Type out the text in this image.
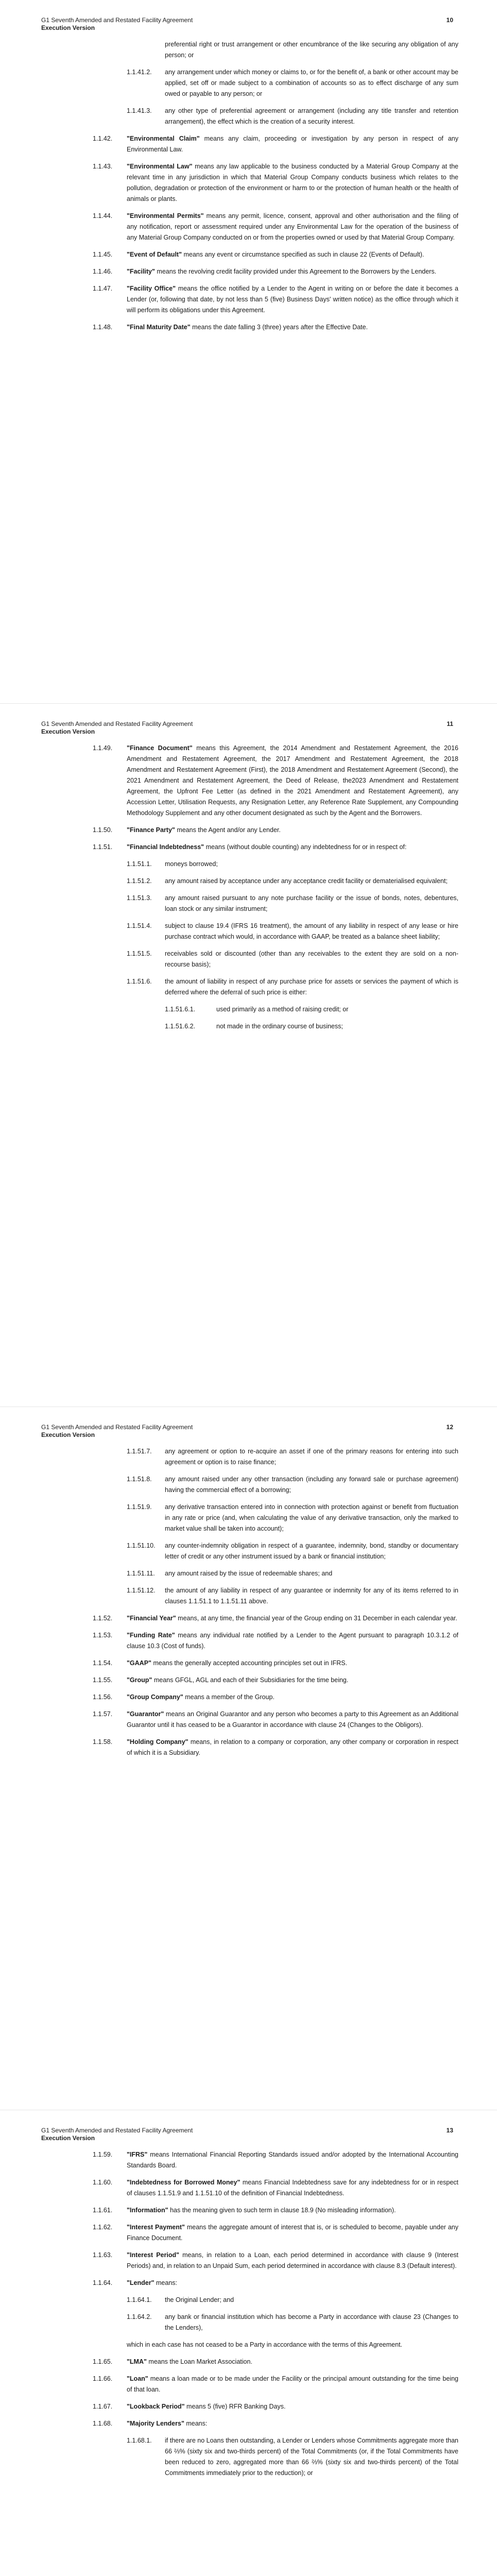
G1 Seventh Amended and Restated Facility Agreement
Execution Version
10
preferential right or trust arrangement or other encumbrance of the like securing any obligation of any person; or
1.1.41.2. any arrangement under which money or claims to, or for the benefit of, a bank or other account may be applied, set off or made subject to a combination of accounts so as to effect discharge of any sum owed or payable to any person; or
1.1.41.3. any other type of preferential agreement or arrangement (including any title transfer and retention arrangement), the effect which is the creation of a security interest.
1.1.42. "Environmental Claim" means any claim, proceeding or investigation by any person in respect of any Environmental Law.
1.1.43. "Environmental Law" means any law applicable to the business conducted by a Material Group Company at the relevant time in any jurisdiction in which that Material Group Company conducts business which relates to the pollution, degradation or protection of the environment or harm to or the protection of human health or the health of animals or plants.
1.1.44. "Environmental Permits" means any permit, licence, consent, approval and other authorisation and the filing of any notification, report or assessment required under any Environmental Law for the operation of the business of any Material Group Company conducted on or from the properties owned or used by that Material Group Company.
1.1.45. "Event of Default" means any event or circumstance specified as such in clause 22 (Events of Default).
1.1.46. "Facility" means the revolving credit facility provided under this Agreement to the Borrowers by the Lenders.
1.1.47. "Facility Office" means the office notified by a Lender to the Agent in writing on or before the date it becomes a Lender (or, following that date, by not less than 5 (five) Business Days' written notice) as the office through which it will perform its obligations under this Agreement.
1.1.48. "Final Maturity Date" means the date falling 3 (three) years after the Effective Date.
G1 Seventh Amended and Restated Facility Agreement
Execution Version
11
1.1.49. "Finance Document" means this Agreement, the 2014 Amendment and Restatement Agreement, the 2016 Amendment and Restatement Agreement, the 2017 Amendment and Restatement Agreement, the 2018 Amendment and Restatement Agreement (First), the 2018 Amendment and Restatement Agreement (Second), the 2021 Amendment and Restatement Agreement, the Deed of Release, the2023 Amendment and Restatement Agreement, the Upfront Fee Letter (as defined in the 2021 Amendment and Restatement Agreement), any Accession Letter, Utilisation Requests, any Resignation Letter, any Reference Rate Supplement, any Compounding Methodology Supplement and any other document designated as such by the Agent and the Borrowers.
1.1.50. "Finance Party" means the Agent and/or any Lender.
1.1.51. "Financial Indebtedness" means (without double counting) any indebtedness for or in respect of:
1.1.51.1. moneys borrowed;
1.1.51.2. any amount raised by acceptance under any acceptance credit facility or dematerialised equivalent;
1.1.51.3. any amount raised pursuant to any note purchase facility or the issue of bonds, notes, debentures, loan stock or any similar instrument;
1.1.51.4. subject to clause 19.4 (IFRS 16 treatment), the amount of any liability in respect of any lease or hire purchase contract which would, in accordance with GAAP, be treated as a balance sheet liability;
1.1.51.5. receivables sold or discounted (other than any receivables to the extent they are sold on a non-recourse basis);
1.1.51.6. the amount of liability in respect of any purchase price for assets or services the payment of which is deferred where the deferral of such price is either:
1.1.51.6.1.	used primarily as a method of raising credit; or
1.1.51.6.2.	not made in the ordinary course of business;
G1 Seventh Amended and Restated Facility Agreement
Execution Version
12
1.1.51.7. any agreement or option to re-acquire an asset if one of the primary reasons for entering into such agreement or option is to raise finance;
1.1.51.8. any amount raised under any other transaction (including any forward sale or purchase agreement) having the commercial effect of a borrowing;
1.1.51.9. any derivative transaction entered into in connection with protection against or benefit from fluctuation in any rate or price (and, when calculating the value of any derivative transaction, only the marked to market value shall be taken into account);
1.1.51.10. any counter-indemnity obligation in respect of a guarantee, indemnity, bond, standby or documentary letter of credit or any other instrument issued by a bank or financial institution;
1.1.51.11. any amount raised by the issue of redeemable shares; and
1.1.51.12. the amount of any liability in respect of any guarantee or indemnity for any of its items referred to in clauses 1.1.51.1 to 1.1.51.11 above.
1.1.52. "Financial Year" means, at any time, the financial year of the Group ending on 31 December in each calendar year.
1.1.53. "Funding Rate" means any individual rate notified by a Lender to the Agent pursuant to paragraph 10.3.1.2 of clause 10.3 (Cost of funds).
1.1.54. "GAAP" means the generally accepted accounting principles set out in IFRS.
1.1.55. "Group" means GFGL, AGL and each of their Subsidiaries for the time being.
1.1.56. "Group Company" means a member of the Group.
1.1.57. "Guarantor" means an Original Guarantor and any person who becomes a party to this Agreement as an Additional Guarantor until it has ceased to be a Guarantor in accordance with clause 24 (Changes to the Obligors).
1.1.58. "Holding Company" means, in relation to a company or corporation, any other company or corporation in respect of which it is a Subsidiary.
G1 Seventh Amended and Restated Facility Agreement
Execution Version
13
1.1.59. "IFRS" means International Financial Reporting Standards issued and/or adopted by the International Accounting Standards Board.
1.1.60. "Indebtedness for Borrowed Money" means Financial Indebtedness save for any indebtedness for or in respect of clauses 1.1.51.9 and 1.1.51.10 of the definition of Financial Indebtedness.
1.1.61. "Information" has the meaning given to such term in clause 18.9 (No misleading information).
1.1.62. "Interest Payment" means the aggregate amount of interest that is, or is scheduled to become, payable under any Finance Document.
1.1.63. "Interest Period" means, in relation to a Loan, each period determined in accordance with clause 9 (Interest Periods) and, in relation to an Unpaid Sum, each period determined in accordance with clause 8.3 (Default interest).
1.1.64. "Lender" means:
1.1.64.1. the Original Lender; and
1.1.64.2. any bank or financial institution which has become a Party in accordance with clause 23 (Changes to the Lenders),
which in each case has not ceased to be a Party in accordance with the terms of this Agreement.
1.1.65. "LMA" means the Loan Market Association.
1.1.66. "Loan" means a loan made or to be made under the Facility or the principal amount outstanding for the time being of that loan.
1.1.67. "Lookback Period" means 5 (five) RFR Banking Days.
1.1.68. "Majority Lenders" means:
1.1.68.1. if there are no Loans then outstanding, a Lender or Lenders whose Commitments aggregate more than 66 ⅔% (sixty six and two-thirds percent) of the Total Commitments (or, if the Total Commitments have been reduced to zero, aggregated more than 66 ⅔% (sixty six and two-thirds percent) of the Total Commitments immediately prior to the reduction); or
